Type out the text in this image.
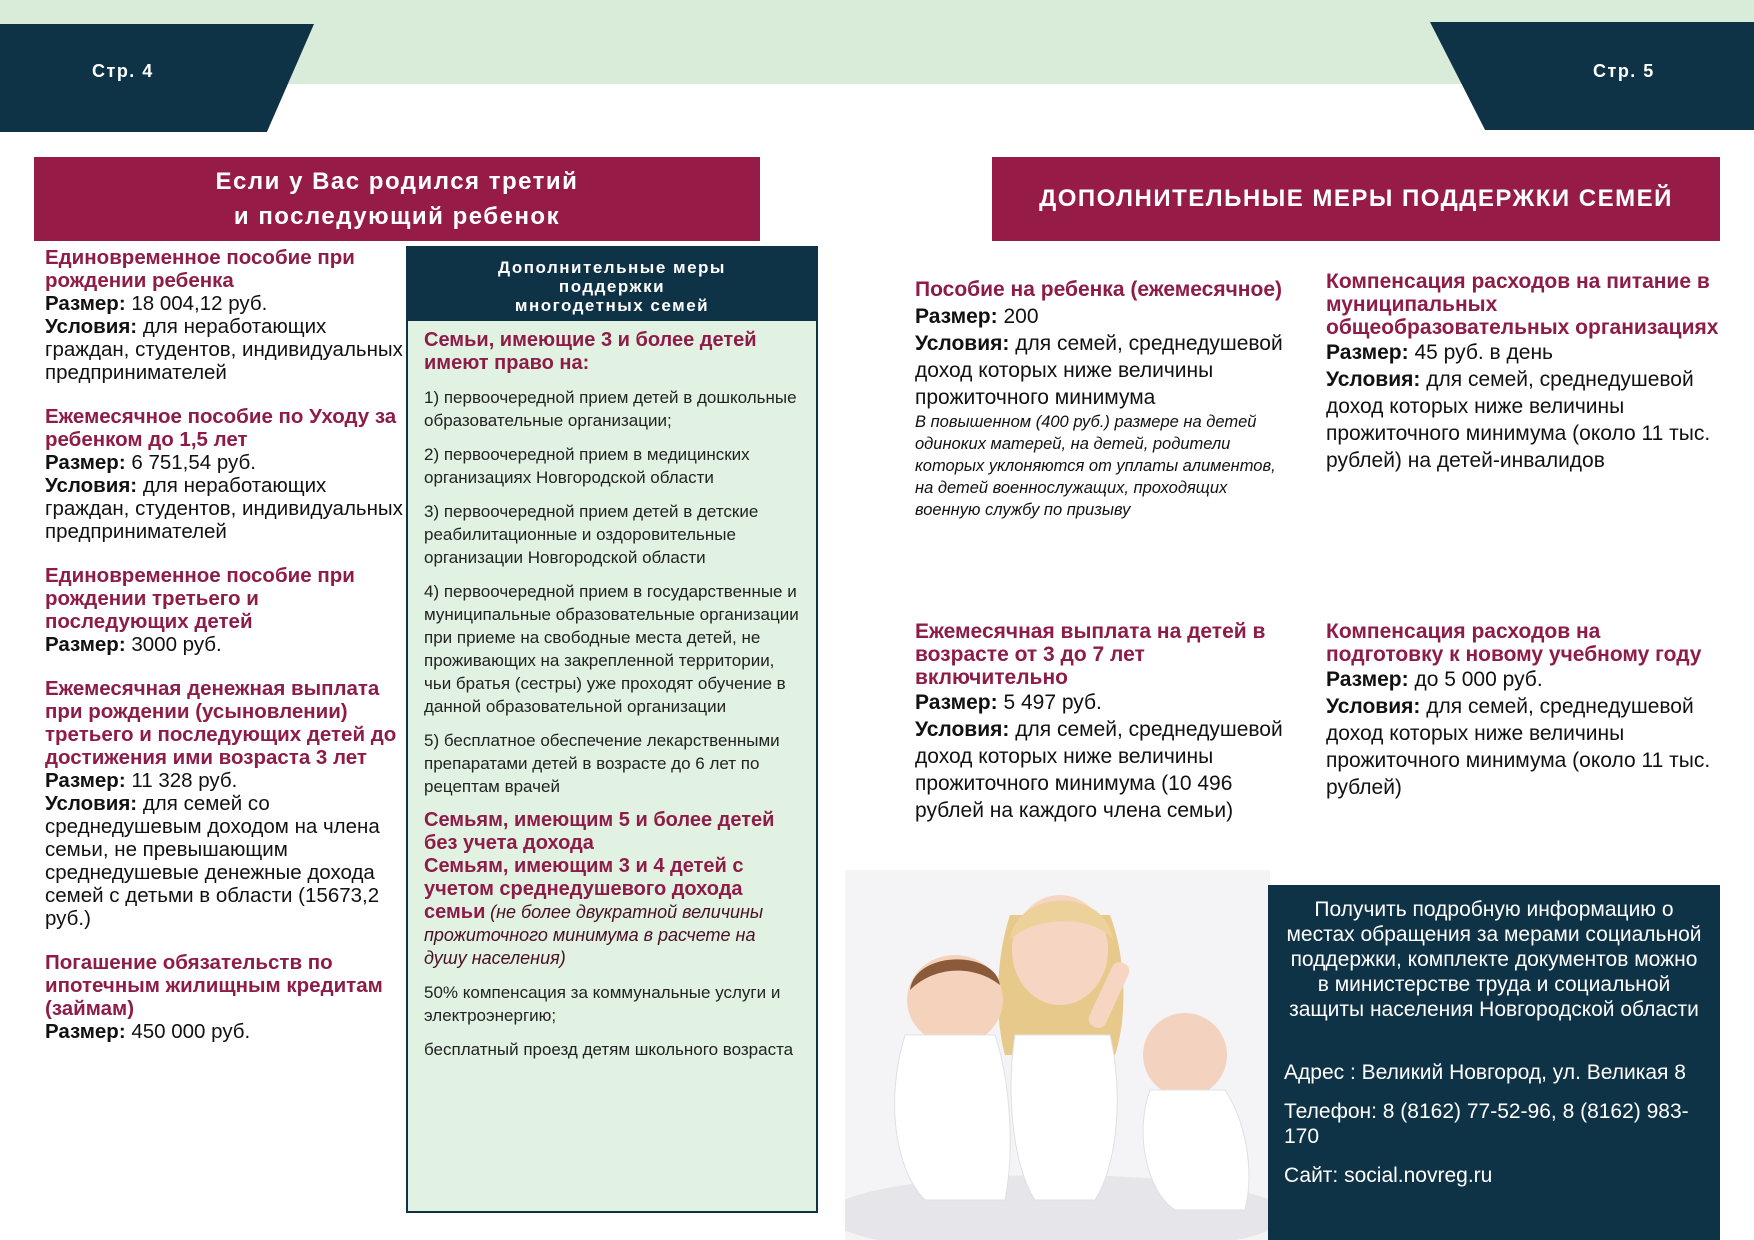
Стр. 4	Стр. 5
Если у Вас родился третий
и последующий ребенок
Единовременное пособие при рождении ребенка
Размер: 18 004,12 руб.
Условия: для неработающих граждан, студентов, индивидуальных предпринимателей
Ежемесячное пособие по Уходу за ребенком до 1,5 лет
Размер: 6 751,54 руб.
Условия: для неработающих граждан, студентов, индивидуальных предпринимателей
Единовременное пособие при рождении третьего и последующих детей
Размер: 3000 руб.
Ежемесячная денежная выплата при рождении (усыновлении) третьего и последующих детей до достижения ими возраста 3 лет
Размер: 11 328 руб.
Условия: для семей со среднедушевым доходом на члена семьи, не превышающим среднедушевые денежные дохода семей с детьми в области (15673,2 руб.)
Погашение обязательств по ипотечным жилищным кредитам (займам)
Размер: 450 000 руб.
Дополнительные меры
поддержки
многодетных семей

Семьи, имеющие 3 и более детей имеют право на:

1) первоочередной прием детей в дошкольные образовательные организации;

2) первоочередной прием в медицинских организациях Новгородской области

3) первоочередной прием детей в детские реабилитационные и оздоровительные организации Новгородской области

4) первоочередной прием в государственные и муниципальные образовательные организации при приеме на свободные места детей, не проживающих на закрепленной территории, чьи братья (сестры) уже проходят обучение в данной образовательной организации

5) бесплатное обеспечение лекарственными препаратами детей в возрасте до 6 лет по рецептам врачей

Семьям, имеющим 5 и более детей без учета дохода
Семьям, имеющим 3 и 4 детей с учетом среднедушевого дохода семьи (не более двукратной величины прожиточного минимума в расчете на душу населения)

50% компенсация за коммунальные услуги и электроэнергию;

бесплатный проезд детям школьного возраста

ДОПОЛНИТЕЛЬНЫЕ МЕРЫ ПОДДЕРЖКИ СЕМЕЙ
Пособие на ребенка (ежемесячное)
Размер: 200
Условия: для семей, среднедушевой доход которых ниже величины прожиточного минимума
В повышенном (400 руб.) размере на детей одиноких матерей, на детей, родители которых уклоняются от уплаты алиментов, на детей военнослужащих, проходящих военную службу по призыву
Компенсация расходов на питание в муниципальных общеобразовательных организациях
Размер: 45 руб. в день
Условия: для семей, среднедушевой доход которых ниже величины прожиточного минимума (около 11 тыс. рублей) на детей-инвалидов
Ежемесячная выплата на детей в возрасте от 3 до 7 лет включительно
Размер: 5 497 руб.
Условия: для семей, среднедушевой доход которых ниже величины прожиточного минимума (10 496 рублей на каждого члена семьи)
Компенсация расходов на подготовку к новому учебному году
Размер: до 5 000 руб.
Условия: для семей, среднедушевой доход которых ниже величины прожиточного минимума (около 11 тыс. рублей)

Получить подробную информацию о местах обращения за мерами социальной поддержки, комплекте документов можно в министерстве труда и социальной защиты населения Новгородской области

Адрес : Великий Новгород, ул. Великая 8

Телефон: 8 (8162) 77-52-96, 8 (8162) 983-170

Сайт: social.novreg.ru
